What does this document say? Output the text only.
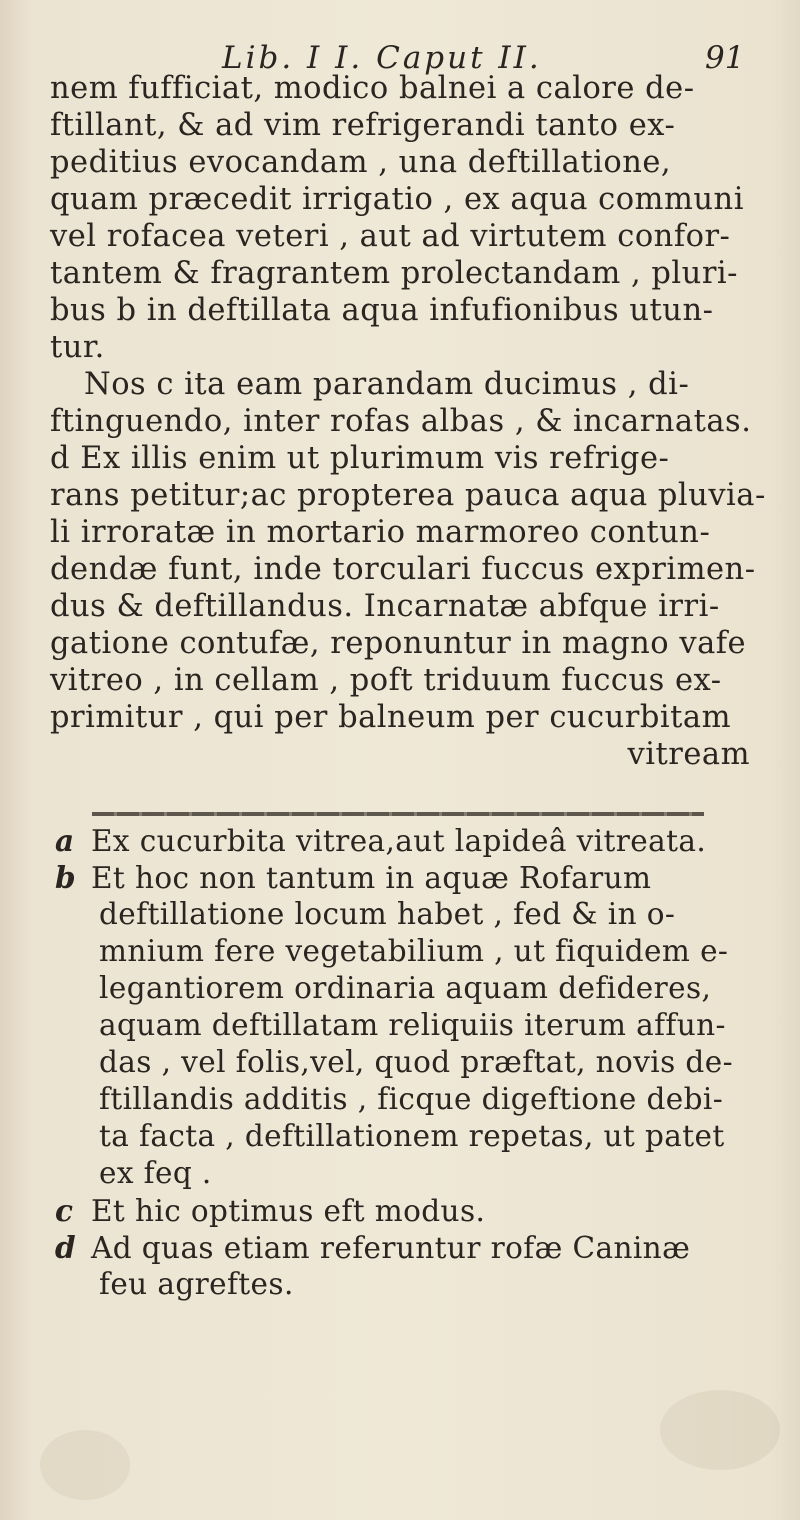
Lib. I I. Caput II.	91
nem fufficiat, modico balnei a calore de-
ftillant, & ad vim refrigerandi tanto ex-
peditius evocandam , una deftillatione,
quam præcedit irrigatio , ex aqua communi
vel rofacea veteri , aut ad virtutem confor-
tantem & fragrantem prolectandam , pluri-
bus b in deftillata aqua infufionibus utun-
tur.
Nos c ita eam parandam ducimus , di-
ftinguendo, inter rofas albas , & incarnatas.
d Ex illis enim ut plurimum vis refrige-
rans petitur;ac propterea pauca aqua pluvia-
li irroratæ in mortario marmoreo contun-
dendæ funt, inde torculari fuccus exprimen-
dus & deftillandus. Incarnatæ abfque irri-
gatione contufæ, reponuntur in magno vafe
vitreo , in cellam , poft triduum fuccus ex-
primitur , qui per balneum per cucurbitam
vitream
a Ex cucurbita vitrea,aut lapideâ vitreata.
b Et hoc non tantum in aquæ Rofarum
deftillatione locum habet , fed & in o-
mnium fere vegetabilium , ut fiquidem e-
legantiorem ordinaria aquam defideres,
aquam deftillatam reliquiis iterum affun-
das , vel folis,vel, quod præftat, novis de-
ftillandis additis , ficque digeftione debi-
ta facta , deftillationem repetas, ut patet
ex feq .
c Et hic optimus eft modus.
d Ad quas etiam referuntur rofæ Caninæ
feu agreftes.
